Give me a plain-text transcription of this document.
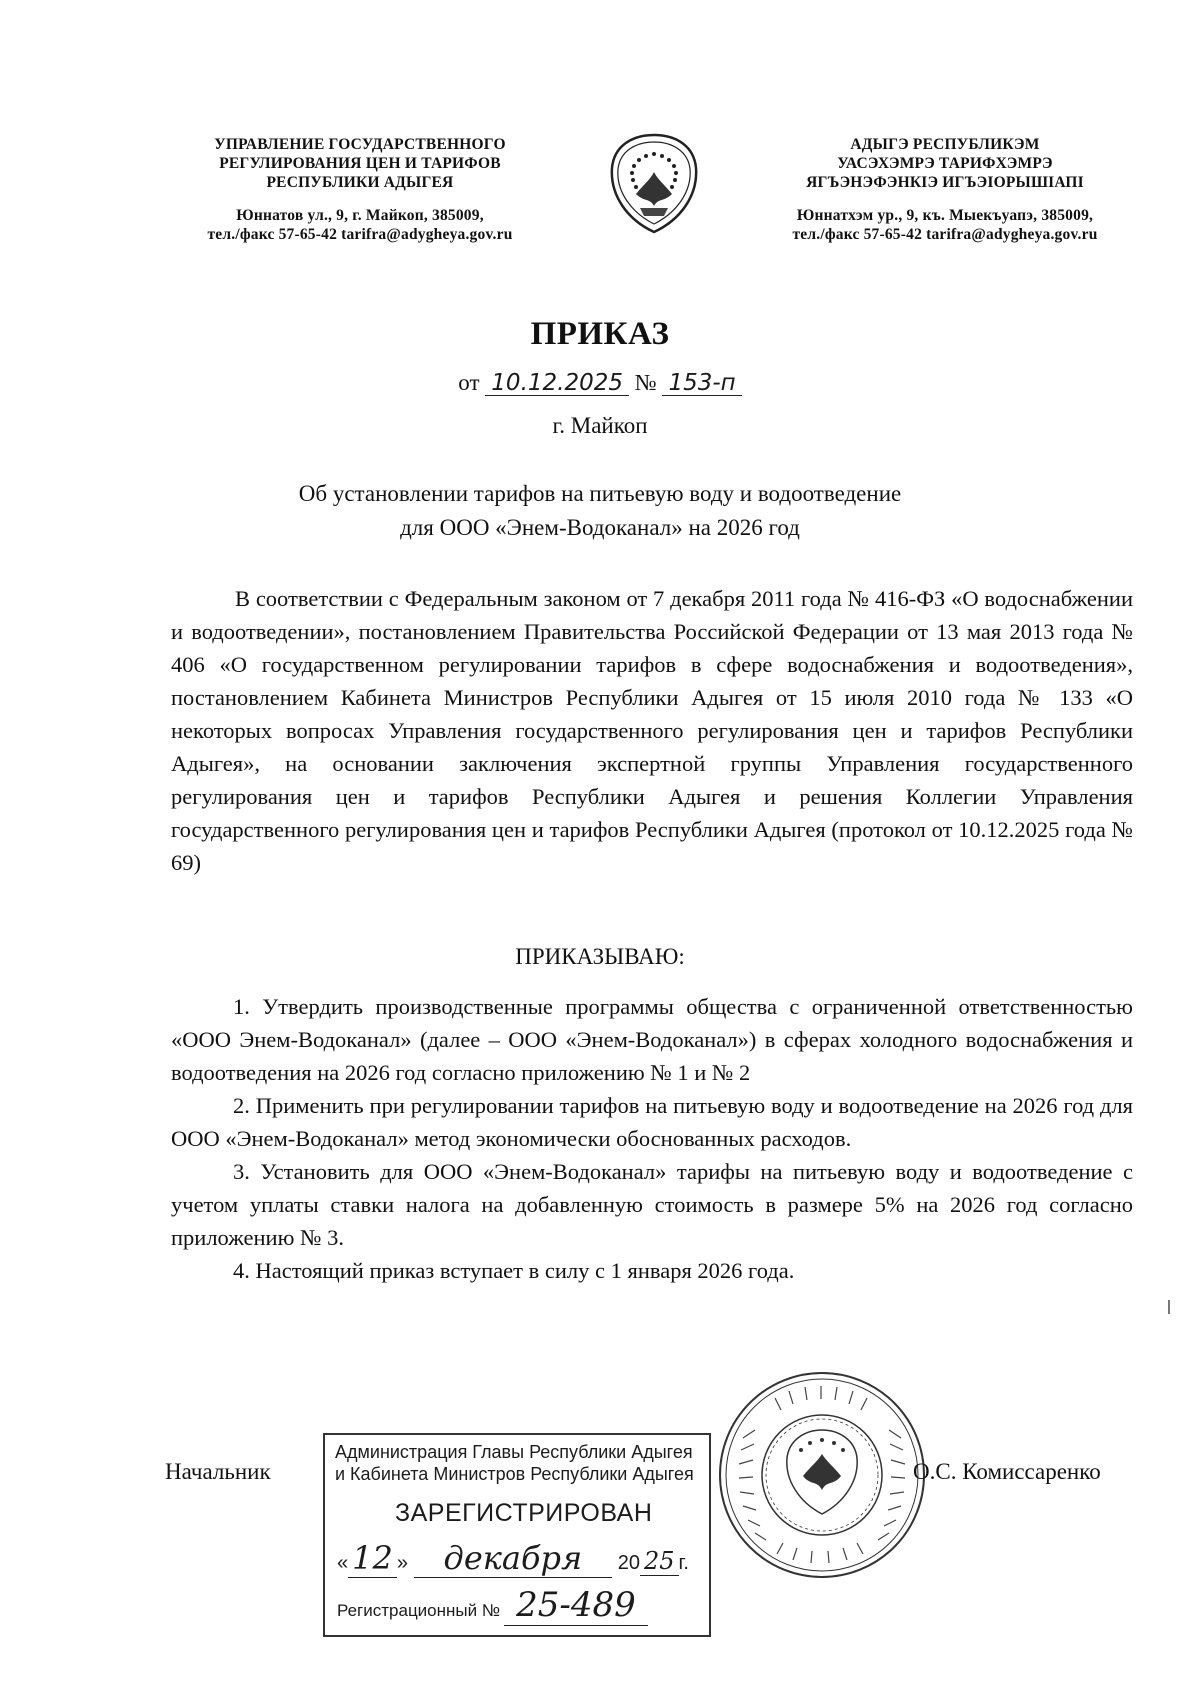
УПРАВЛЕНИЕ ГОСУДАРСТВЕННОГО
РЕГУЛИРОВАНИЯ ЦЕН И ТАРИФОВ
РЕСПУБЛИКИ АДЫГЕЯ
Юннатов ул., 9, г. Майкоп, 385009,
тел./факс 57-65-42 tarifra@adygheya.gov.ru
АДЫГЭ РЕСПУБЛИКЭМ
УАСЭХЭМРЭ ТАРИФХЭМРЭ
ЯГЪЭНЭФЭНКIЭ ИГЪЭIОРЫШIАПI
Юннатхэм ур., 9, къ. Мыекъуапэ, 385009,
тел./факс 57-65-42 tarifra@adygheya.gov.ru
ПРИКАЗ
от 10.12.2025 № 153-п
г. Майкоп
Об установлении тарифов на питьевую воду и водоотведение
для ООО «Энем-Водоканал» на 2026 год
В соответствии с Федеральным законом от 7 декабря 2011 года № 416-ФЗ «О водоснабжении и водоотведении», постановлением Правительства Российской Федерации от 13 мая 2013 года № 406 «О государственном регулировании тарифов в сфере водоснабжения и водоотведения», постановлением Кабинета Министров Республики Адыгея от 15 июля 2010 года № 133 «О некоторых вопросах Управления государственного регулирования цен и тарифов Республики Адыгея», на основании заключения экспертной группы Управления государственного регулирования цен и тарифов Республики Адыгея и решения Коллегии Управления государственного регулирования цен и тарифов Республики Адыгея (протокол от 10.12.2025 года № 69)
ПРИКАЗЫВАЮ:

1. Утвердить производственные программы общества с ограниченной ответственностью «ООО Энем-Водоканал» (далее – ООО «Энем-Водоканал») в сферах холодного водоснабжения и водоотведения на 2026 год согласно приложению № 1 и № 2

2. Применить при регулировании тарифов на питьевую воду и водоотведение на 2026 год для ООО «Энем-Водоканал» метод экономически обоснованных расходов.

3. Установить для ООО «Энем-Водоканал» тарифы на питьевую воду и водоотведение с учетом уплаты ставки налога на добавленную стоимость в размере 5% на 2026 год согласно приложению № 3.

4. Настоящий приказ вступает в силу с 1 января 2026 года.

Начальник
Администрация Главы Республики Адыгея
и Кабинета Министров Республики Адыгея
ЗАРЕГИСТРИРОВАН
« 12 » декабря 20 25 г.
Регистрационный № 25-489
О.С. Комиссаренко
